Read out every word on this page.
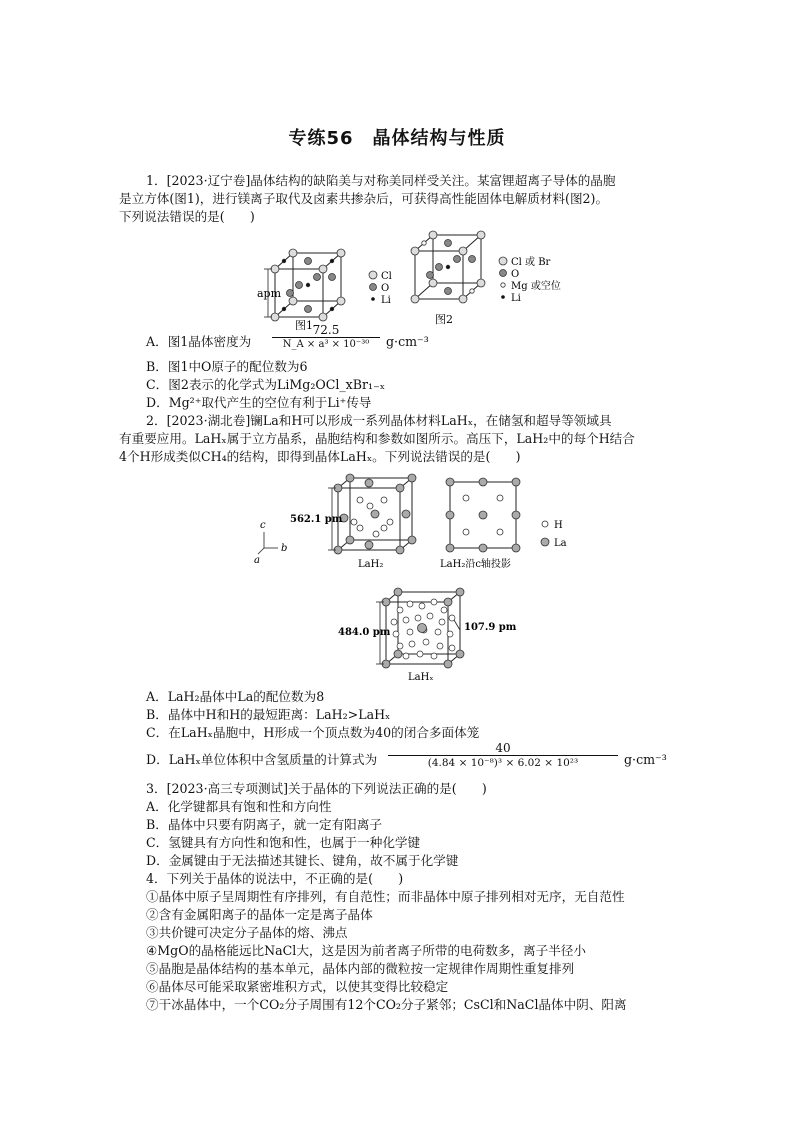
专练56　晶体结构与性质
1．[2023·辽宁卷]晶体结构的缺陷美与对称美同样受关注。某富锂超离子导体的晶胞
是立方体(图1)，进行镁离子取代及卤素共掺杂后，可获得高性能固体电解质材料(图2)。
下列说法错误的是(　　)
apm
Cl
O
Li
图1
Cl 或 Br
O
Mg 或空位
Li
图2
A．图1晶体密度为
72.5
N_A × a³ × 10⁻³⁰	g·cm⁻³
B．图1中O原子的配位数为6
C．图2表示的化学式为LiMg₂OCl_xBr₁₋ₓ
D．Mg²⁺取代产生的空位有利于Li⁺传导
2．[2023·湖北卷]镧La和H可以形成一系列晶体材料LaHₓ，在储氢和超导等领域具
有重要应用。LaHₓ属于立方晶系，晶胞结构和参数如图所示。高压下，LaH₂中的每个H结合
4个H形成类似CH₄的结构，即得到晶体LaHₓ。下列说法错误的是(　　)
562.1 pm
c
b
a	LaH₂	LaH₂沿c轴投影
H
La
484.0 pm	107.9 pm
LaHₓ
A．LaH₂晶体中La的配位数为8
B．晶体中H和H的最短距离：LaH₂>LaHₓ
C．在LaHₓ晶胞中，H形成一个顶点数为40的闭合多面体笼
D．LaHₓ单位体积中含氢质量的计算式为 $\frac{40}{\text{(4.84 × 10⁻⁸)³ × 6.02 × 10²³}} g\cdot cm^{-3}$
3．[2023·高三专项测试]关于晶体的下列说法正确的是(　　)
A．化学键都具有饱和性和方向性
B．晶体中只要有阴离子，就一定有阳离子
C．氢键具有方向性和饱和性，也属于一种化学键
D．金属键由于无法描述其键长、键角，故不属于化学键
4．下列关于晶体的说法中，不正确的是(　　)
①晶体中原子呈周期性有序排列，有自范性；而非晶体中原子排列相对无序，无自范性
②含有金属阳离子的晶体一定是离子晶体
③共价键可决定分子晶体的熔、沸点
④MgO的晶格能远比NaCl大，这是因为前者离子所带的电荷数多，离子半径小
⑤晶胞是晶体结构的基本单元，晶体内部的微粒按一定规律作周期性重复排列
⑥晶体尽可能采取紧密堆积方式，以使其变得比较稳定
⑦干冰晶体中，一个CO₂分子周围有12个CO₂分子紧邻；CsCl和NaCl晶体中阴、阳离
